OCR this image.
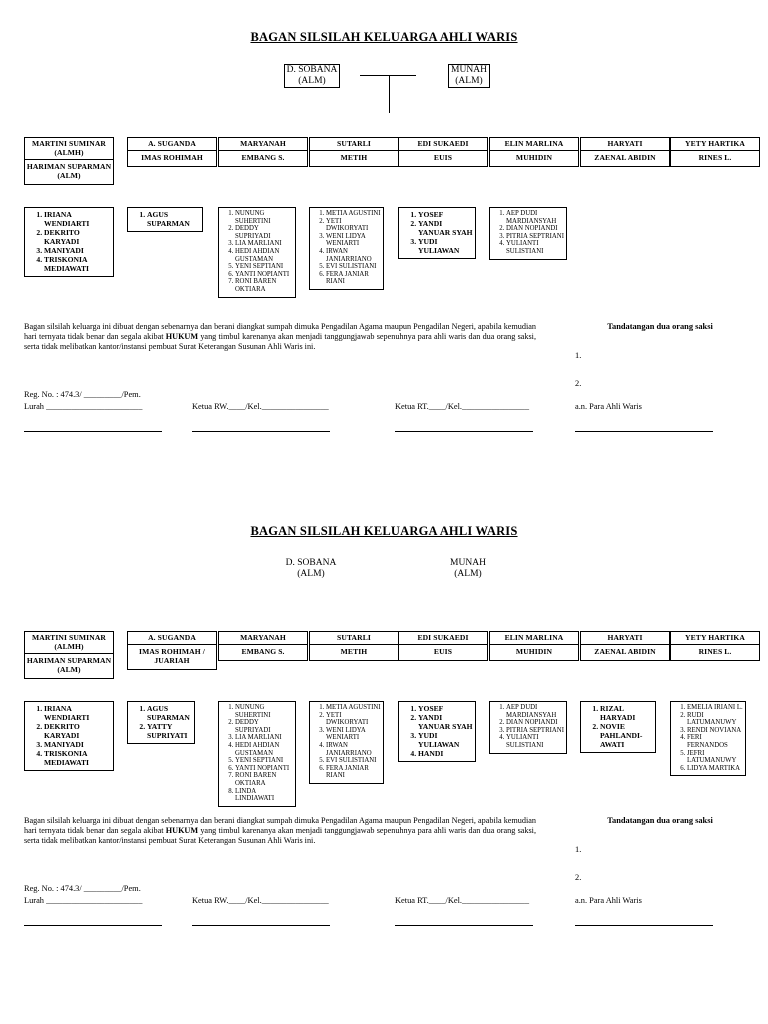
BAGAN SILSILAH KELUARGA AHLI WARIS
D. SOBANA
(ALM)
MUNAH
(ALM)
MARTINI SUMINAR (ALMH)
HARIMAN SUPARMAN (ALM)
A. SUGANDA
IMAS ROHIMAH
MARYANAH
EMBANG S.
SUTARLI
METIH
EDI SUKAEDI
EUIS
ELIN MARLINA
MUHIDIN
HARYATI
ZAENAL ABIDIN
YETY HARTIKA
RINES L.
1. IRIANA WENDIARTI
2. DEKRITO KARYADI
3. MANIYADI
4. TRISKONIA MEDIAWATI
1. AGUS SUPARMAN
1. NUNUNG SUHERTINI
2. DEDDY SUPRIYADI
3. LIA MARLIANI
4. HEDI AHDIAN GUSTAMAN
5. YENI SEPTIANI
6. YANTI NOPIANTI
7. RONI BAREN OKTIARA
1. METIA AGUSTINI
2. YETI DWIKORYATI
3. WENI LIDYA WENIARTI
4. IRWAN JANIARRIANO
5. EVI SULISTIANI
6. FERA JANIAR RIANI
1. YOSEF
2. YANDI YANUAR SYAH
3. YUDI YULIAWAN
1. AEP DUDI MARDIANSYAH
2. DIAN NOPIANDI
3. PITRIA SEPTRIANI
4. YULIANTI SULISTIANI
Bagan silsilah keluarga ini dibuat dengan sebenarnya dan berani diangkat sumpah dimuka Pengadilan Agama maupun Pengadilan Negeri, apabila kemudian hari ternyata tidak benar dan segala akibat HUKUM yang timbul karenanya akan menjadi tanggungjawab sepenuhnya para ahli waris dan dua orang saksi, serta tidak melibatkan kantor/instansi pembuat Surat Keterangan Susunan Ahli Waris ini.
Tandatangan dua orang saksi
1.
2.
Reg. No. : 474.3/ _________/Pem.
Lurah _______________________	Ketua RW.____/Kel.________________	Ketua RT.____/Kel.________________	a.n. Para Ahli Waris
BAGAN SILSILAH KELUARGA AHLI WARIS
D. SOBANA
(ALM)
MUNAH
(ALM)
MARTINI SUMINAR (ALMH)
HARIMAN SUPARMAN (ALM)
A. SUGANDA
IMAS ROHIMAH / JUARIAH
MARYANAH
EMBANG S.
SUTARLI
METIH
EDI SUKAEDI
EUIS
ELIN MARLINA
MUHIDIN
HARYATI
ZAENAL ABIDIN
YETY HARTIKA
RINES L.
1. IRIANA WENDIARTI
2. DEKRITO KARYADI
3. MANIYADI
4. TRISKONIA MEDIAWATI
1. AGUS SUPARMAN
2. YATTY SUPRIYATI
1. NUNUNG SUHERTINI
2. DEDDY SUPRIYADI
3. LIA MARLIANI
4. HEDI AHDIAN GUSTAMAN
5. YENI SEPTIANI
6. YANTI NOPIANTI
7. RONI BAREN OKTIARA
8. LINDA LINDIAWATI
1. METIA AGUSTINI
2. YETI DWIKORYATI
3. WENI LIDYA WENIARTI
4. IRWAN JANIARRIANO
5. EVI SULISTIANI
6. FERA JANIAR RIANI
1. YOSEF
2. YANDI YANUAR SYAH
3. YUDI YULIAWAN
4. HANDI
1. AEP DUDI MARDIANSYAH
2. DIAN NOPIANDI
3. PITRIA SEPTRIANI
4. YULIANTI SULISTIANI
1. RIZAL HARYADI
2. NOVIE PAHLANDI-AWATI
1. EMELIA IRIANI L.
2. RUDI LATUMANUWY
3. RENDI NOVIANA
4. FERI FERNANDOS
5. JEFRI LATUMANUWY
6. LIDYA MARTIKA
Bagan silsilah keluarga ini dibuat dengan sebenarnya dan berani diangkat sumpah dimuka Pengadilan Agama maupun Pengadilan Negeri, apabila kemudian hari ternyata tidak benar dan segala akibat HUKUM yang timbul karenanya akan menjadi tanggungjawab sepenuhnya para ahli waris dan dua orang saksi, serta tidak melibatkan kantor/instansi pembuat Surat Keterangan Susunan Ahli Waris ini.
Tandatangan dua orang saksi
1.
2.
Reg. No. : 474.3/ _________/Pem.
Lurah _______________________	Ketua RW.____/Kel.________________	Ketua RT.____/Kel.________________	a.n. Para Ahli Waris
